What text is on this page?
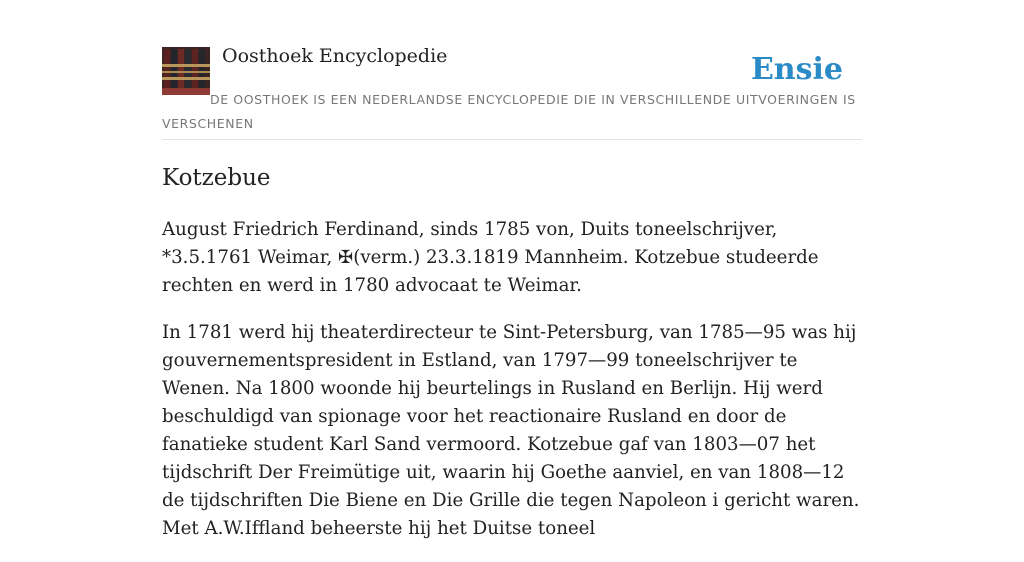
Oosthoek Encyclopedie	Ensie
DE OOSTHOEK IS EEN NEDERLANDSE ENCYCLOPEDIE DIE IN VERSCHILLENDE UITVOERINGEN IS VERSCHENEN
Kotzebue

August Friedrich Ferdinand, sinds 1785 von, Duits toneelschrijver, *3.5.1761 Weimar, ✠(verm.) 23.3.1819 Mannheim. Kotzebue studeerde rechten en werd in 1780 advocaat te Weimar.

In 1781 werd hij theaterdirecteur te Sint-Petersburg, van 1785—95 was hij gouvernementspresident in Estland, van 1797—99 toneelschrijver te Wenen. Na 1800 woonde hij beurtelings in Rusland en Berlijn. Hij werd beschuldigd van spionage voor het reactionaire Rusland en door de fanatieke student Karl Sand vermoord. Kotzebue gaf van 1803—07 het tijdschrift Der Freimütige uit, waarin hij Goethe aanviel, en van 1808—12 de tijdschriften Die Biene en Die Grille die tegen Napoleon i gericht waren. Met A.W.Iffland beheerste hij het Duitse toneel
